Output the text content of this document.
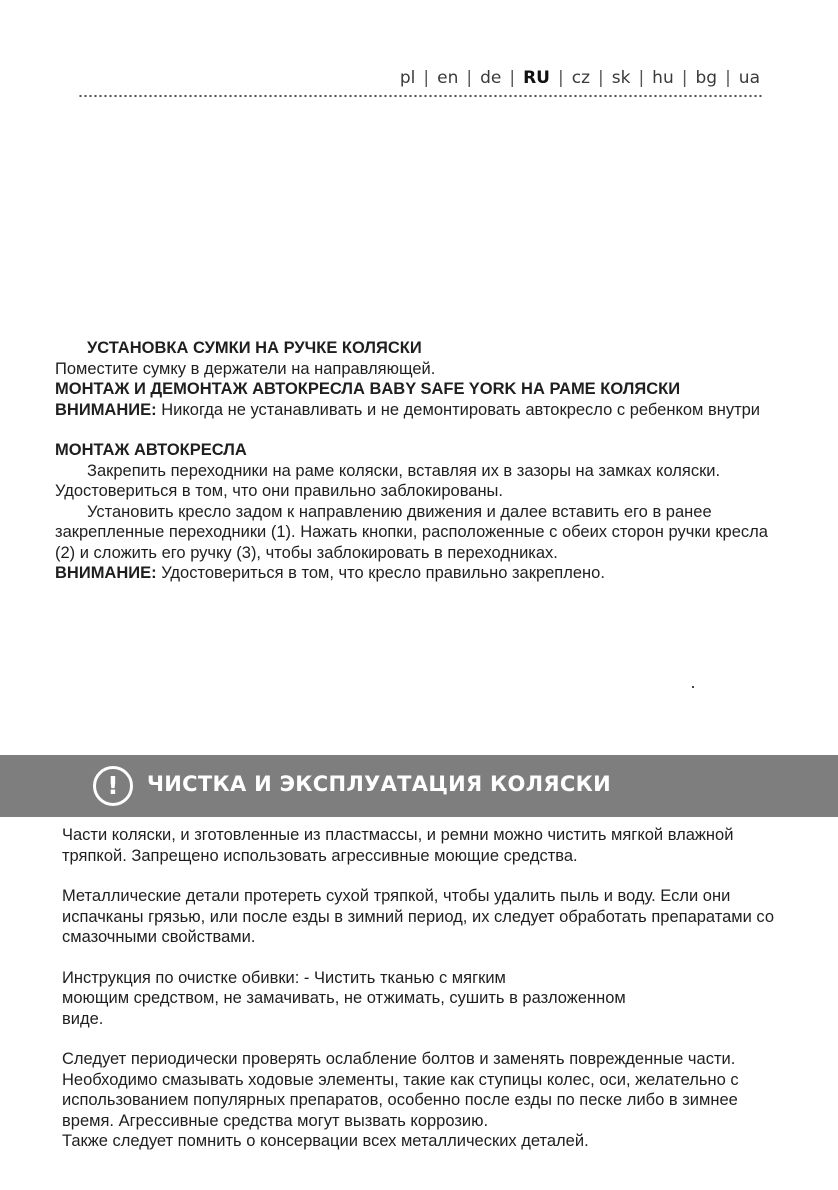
pl | en | de | RU | cz | sk | hu | bg | ua

УСТАНОВКА СУМКИ НА РУЧКЕ КОЛЯСКИ

Поместите сумку в держатели на направляющей.

МОНТАЖ И ДЕМОНТАЖ АВТОКРЕСЛА BABY SAFE YORK НА РАМЕ КОЛЯСКИ

ВНИМАНИЕ: Никогда не устанавливать и не демонтировать автокресло с ребенком внутри

МОНТАЖ АВТОКРЕСЛА

Закрепить переходники на раме коляски, вставляя их в зазоры на замках коляски. Удостовериться в том, что они правильно заблокированы.

Установить кресло задом к направлению движения и далее вставить его в ранее закрепленные переходники (1). Нажать кнопки, расположенные с обеих сторон ручки кресла (2) и сложить его ручку (3), чтобы заблокировать в переходниках.

ВНИМАНИЕ: Удостовериться в том, что кресло правильно закреплено.

!	ЧИСТКА И ЭКСПЛУАТАЦИЯ КОЛЯСКИ

Части коляски, и зготовленные из пластмассы, и ремни можно чистить мягкой влажной тряпкой. Запрещено использовать агрессивные моющие средства.

Металлические детали протереть сухой тряпкой, чтобы удалить пыль и воду. Если они испачканы грязью, или после езды в зимний период, их следует обработать препаратами со смазочными свойствами.

Инструкция по очистке обивки: - Чистить тканью с мягким

моющим средством, не замачивать, не отжимать, сушить в разложенном

виде.

Следует периодически проверять ослабление болтов и заменять поврежденные части.

Необходимо смазывать ходовые элементы, такие как ступицы колес, оси, желательно с использованием популярных препаратов, особенно после езды по песке либо в зимнее время. Агрессивные средства могут вызвать коррозию.

Также следует помнить о консервации всех металлических деталей.
